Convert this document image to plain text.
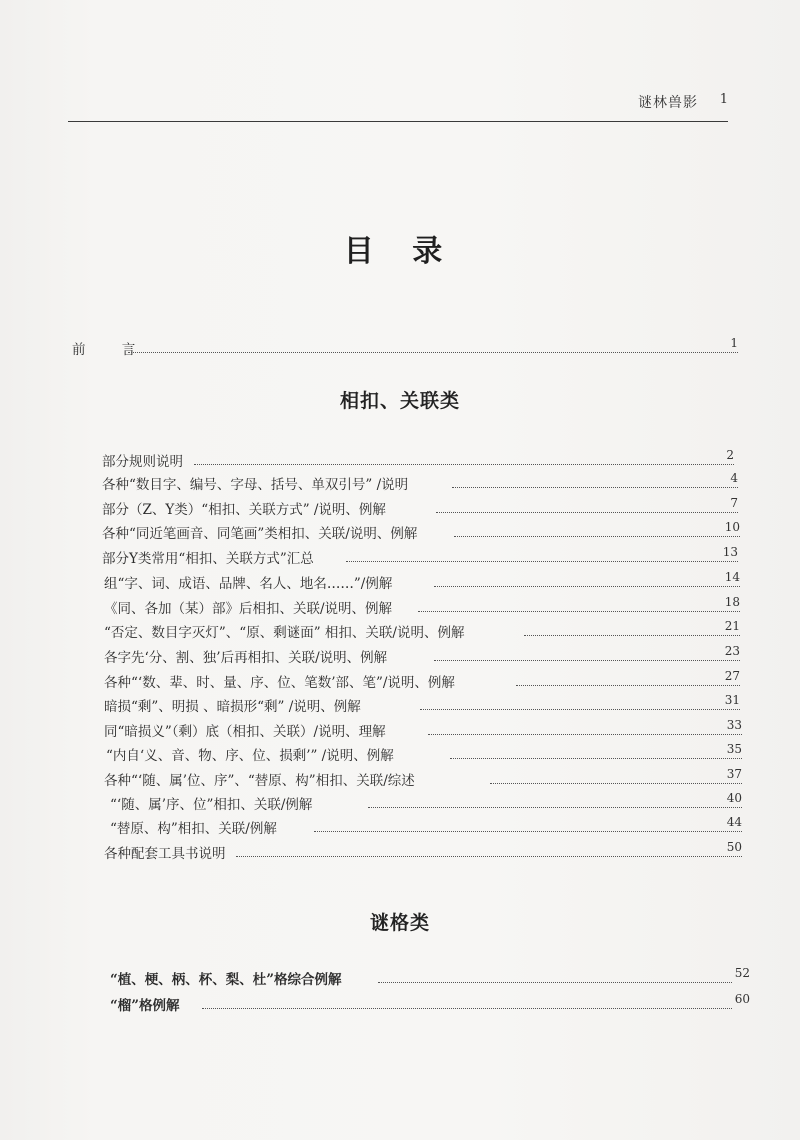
谜林兽影 1
目 录
前 言	1
相扣、关联类
部分规则说明	2
各种“数目字、编号、字母、括号、单双引号” /说明	4
部分（Z、Y类）“相扣、关联方式” /说明、例解	7
各种“同近笔画音、同笔画”类相扣、关联/说明、例解	10
部分Y类常用“相扣、关联方式”汇总	13
组“字、词、成语、品牌、名人、地名……”/例解	14
《同、各加（某）部》后相扣、关联/说明、例解	18
“否定、数目字灭灯”、“原、剩谜面” 相扣、关联/说明、例解	21
各字先‘分、割、独’后再相扣、关联/说明、例解	23
各种“‘数、辈、时、量、序、位、笔数’部、笔”/说明、例解	27
暗损“剩”、明损 、暗损形“剩” /说明、例解	31
同“暗损义”（剩）底（相扣、关联）/说明、理解	33
“内自‘义、音、物、序、位、损剩’” /说明、例解	35
各种“‘随、属’位、序”、“替原、构”相扣、关联/综述	37
“‘随、属’序、位”相扣、关联/例解	40
“替原、构”相扣、关联/例解	44
各种配套工具书说明	50
谜格类
“植、梗、柄、杯、梨、杜”格综合例解	52
“榴”格例解	60
